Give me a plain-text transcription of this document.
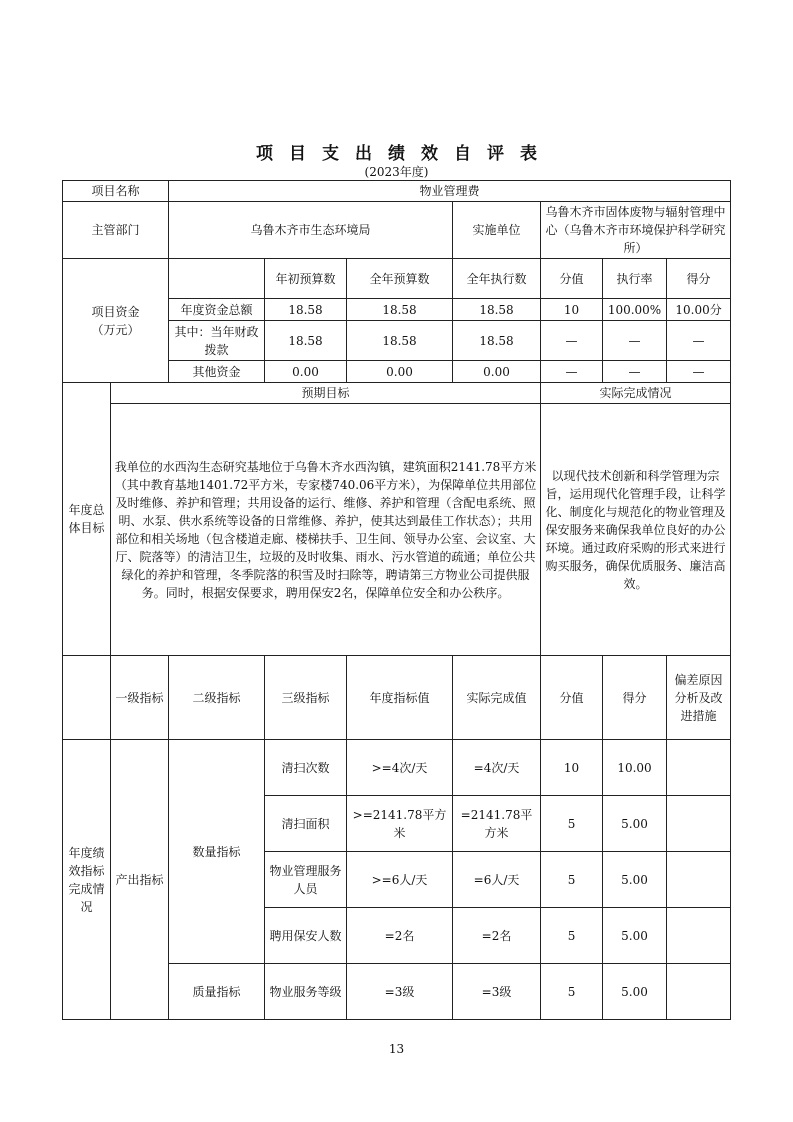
项目支出绩效自评表
(2023年度)
项目名称		物业管理费						
主管部门		乌鲁木齐市生态环境局			实施单位	乌鲁木齐市固体废物与辐射管理中心（乌鲁木齐市环境保护科学研究所）		
项目资金
（万元）			年初预算数	全年预算数	全年执行数	分值	执行率	得分
		年度资金总额	18.58	18.58	18.58	10	100.00%	10.00分
		其中：当年财政拨款	18.58	18.58	18.58	—	—	—
		其他资金	0.00	0.00	0.00	—	—	—
年度总体目标	预期目标					实际完成情况		
	我单位的水西沟生态研究基地位于乌鲁木齐水西沟镇，建筑面积2141.78平方米（其中教育基地1401.72平方米，专家楼740.06平方米），为保障单位共用部位及时维修、养护和管理；共用设备的运行、维修、养护和管理（含配电系统、照明、水泵、供水系统等设备的日常维修、养护，使其达到最佳工作状态）；共用部位和相关场地（包含楼道走廊、楼梯扶手、卫生间、领导办公室、会议室、大厅、院落等）的清洁卫生，垃圾的及时收集、雨水、污水管道的疏通；单位公共绿化的养护和管理，冬季院落的积雪及时扫除等，聘请第三方物业公司提供服务。同时，根据安保要求，聘用保安2名，保障单位安全和办公秩序。					以现代技术创新和科学管理为宗旨，运用现代化管理手段，让科学化、制度化与规范化的物业管理及保安服务来确保我单位良好的办公环境。通过政府采购的形式来进行购买服务，确保优质服务、廉洁高效。		
	一级指标	二级指标	三级指标	年度指标值	实际完成值	分值	得分	偏差原因分析及改进措施
年度绩效指标完成情况	产出指标	数量指标	清扫次数	>=4次/天	=4次/天	10	10.00	
			清扫面积	>=2141.78平方米	=2141.78平方米	5	5.00	
			物业管理服务人员	>=6人/天	=6人/天	5	5.00	
			聘用保安人数	=2名	=2名	5	5.00	
		质量指标	物业服务等级	=3级	=3级	5	5.00	
13
